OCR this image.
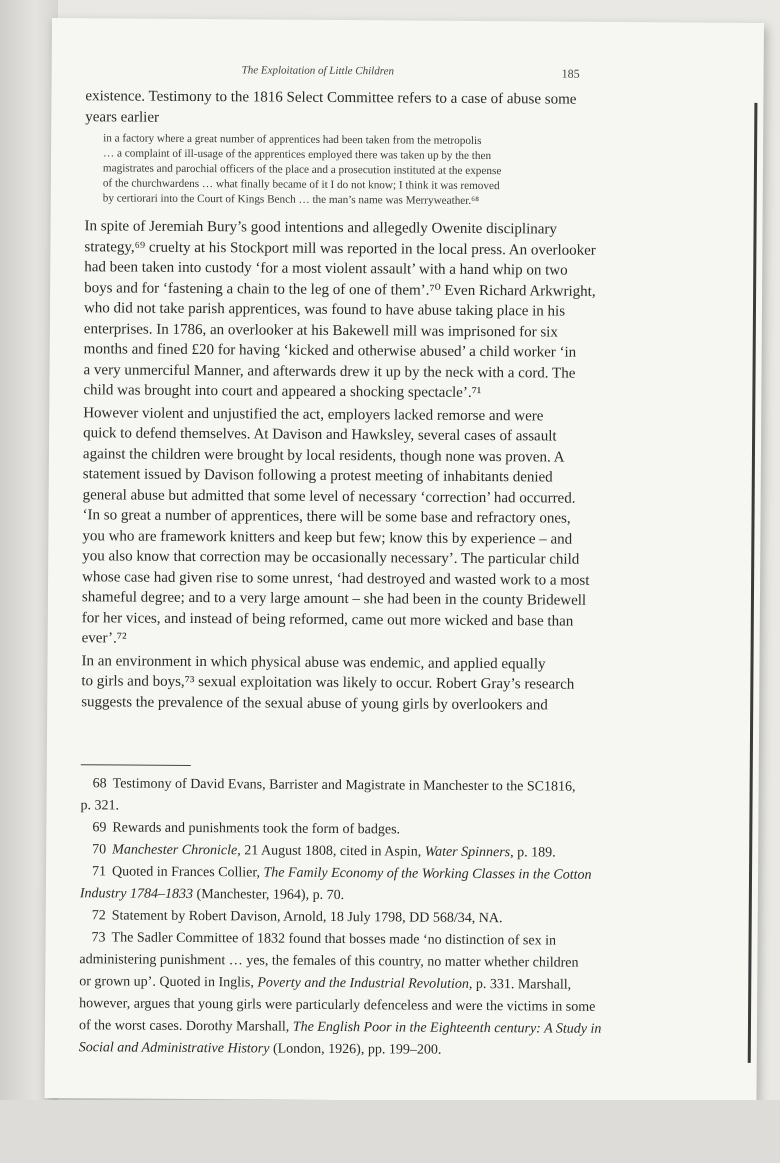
The Exploitation of Little Children	185
existence. Testimony to the 1816 Select Committee refers to a case of abuse some
years earlier
in a factory where a great number of apprentices had been taken from the metropolis
… a complaint of ill-usage of the apprentices employed there was taken up by the then
magistrates and parochial officers of the place and a prosecution instituted at the expense
of the churchwardens … what finally became of it I do not know; I think it was removed
by certiorari into the Court of Kings Bench … the man’s name was Merryweather.⁶⁸
In spite of Jeremiah Bury’s good intentions and allegedly Owenite disciplinary
strategy,⁶⁹ cruelty at his Stockport mill was reported in the local press. An overlooker
had been taken into custody ‘for a most violent assault’ with a hand whip on two
boys and for ‘fastening a chain to the leg of one of them’.⁷⁰ Even Richard Arkwright,
who did not take parish apprentices, was found to have abuse taking place in his
enterprises. In 1786, an overlooker at his Bakewell mill was imprisoned for six
months and fined £20 for having ‘kicked and otherwise abused’ a child worker ‘in
a very unmerciful Manner, and afterwards drew it up by the neck with a cord. The
child was brought into court and appeared a shocking spectacle’.⁷¹
However violent and unjustified the act, employers lacked remorse and were
quick to defend themselves. At Davison and Hawksley, several cases of assault
against the children were brought by local residents, though none was proven. A
statement issued by Davison following a protest meeting of inhabitants denied
general abuse but admitted that some level of necessary ‘correction’ had occurred.
‘In so great a number of apprentices, there will be some base and refractory ones,
you who are framework knitters and keep but few; know this by experience – and
you also know that correction may be occasionally necessary’. The particular child
whose case had given rise to some unrest, ‘had destroyed and wasted work to a most
shameful degree; and to a very large amount – she had been in the county Bridewell
for her vices, and instead of being reformed, came out more wicked and base than
ever’.⁷²
In an environment in which physical abuse was endemic, and applied equally
to girls and boys,⁷³ sexual exploitation was likely to occur. Robert Gray’s research
suggests the prevalence of the sexual abuse of young girls by overlookers and
68 Testimony of David Evans, Barrister and Magistrate in Manchester to the SC1816,
p. 321.
69 Rewards and punishments took the form of badges.
70 Manchester Chronicle, 21 August 1808, cited in Aspin, Water Spinners, p. 189.
71 Quoted in Frances Collier, The Family Economy of the Working Classes in the Cotton
Industry 1784–1833 (Manchester, 1964), p. 70.
72 Statement by Robert Davison, Arnold, 18 July 1798, DD 568/34, NA.
73 The Sadler Committee of 1832 found that bosses made ‘no distinction of sex in
administering punishment … yes, the females of this country, no matter whether children
or grown up’. Quoted in Inglis, Poverty and the Industrial Revolution, p. 331. Marshall,
however, argues that young girls were particularly defenceless and were the victims in some
of the worst cases. Dorothy Marshall, The English Poor in the Eighteenth century: A Study in
Social and Administrative History (London, 1926), pp. 199–200.
